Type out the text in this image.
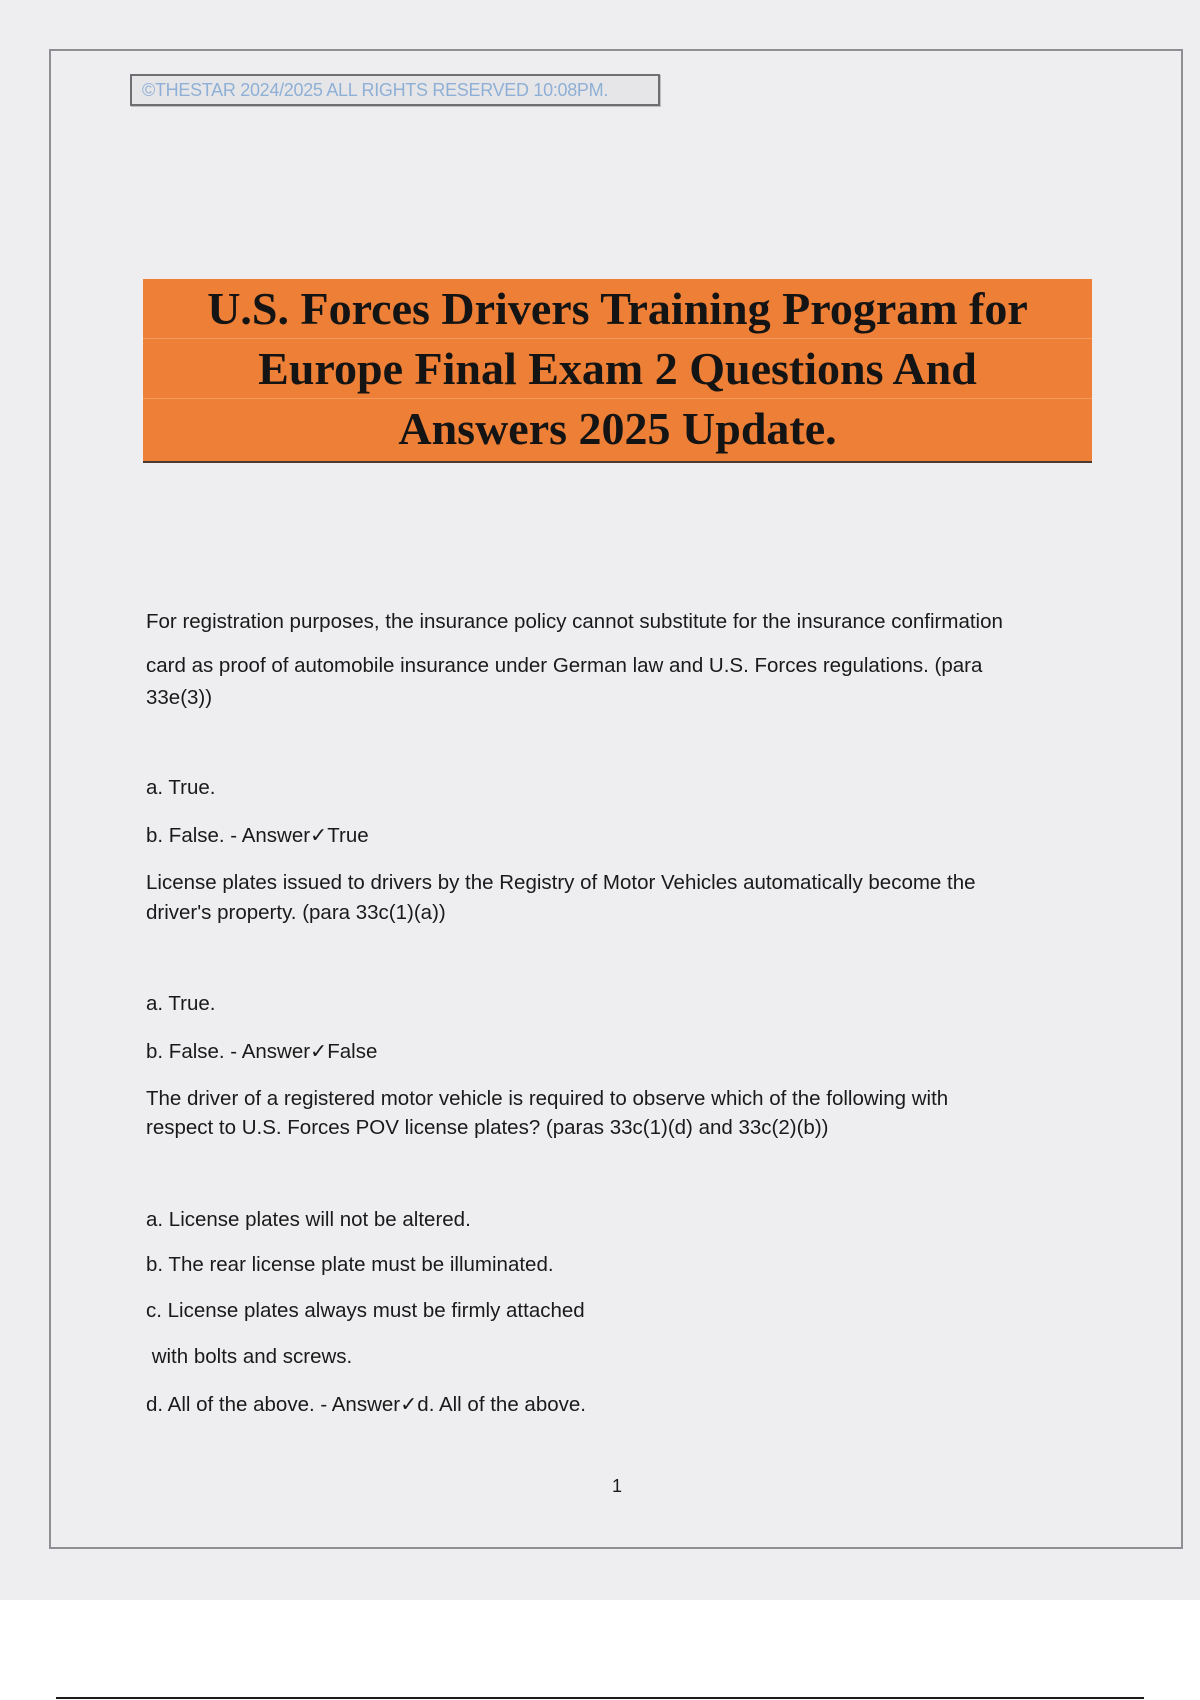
©THESTAR 2024/2025 ALL RIGHTS RESERVED 10:08PM.
U.S. Forces Drivers Training Program for
Europe Final Exam 2 Questions And
Answers 2025 Update.
For registration purposes, the insurance policy cannot substitute for the insurance confirmation
card as proof of automobile insurance under German law and U.S. Forces regulations. (para
33e(3))
a. True.
b. False. - Answer✓True
License plates issued to drivers by the Registry of Motor Vehicles automatically become the
driver's property. (para 33c(1)(a))
a. True.
b. False. - Answer✓False
The driver of a registered motor vehicle is required to observe which of the following with
respect to U.S. Forces POV license plates? (paras 33c(1)(d) and 33c(2)(b))
a. License plates will not be altered.
b. The rear license plate must be illuminated.
c. License plates always must be firmly attached
with bolts and screws.
d. All of the above. - Answer✓d. All of the above.
1
